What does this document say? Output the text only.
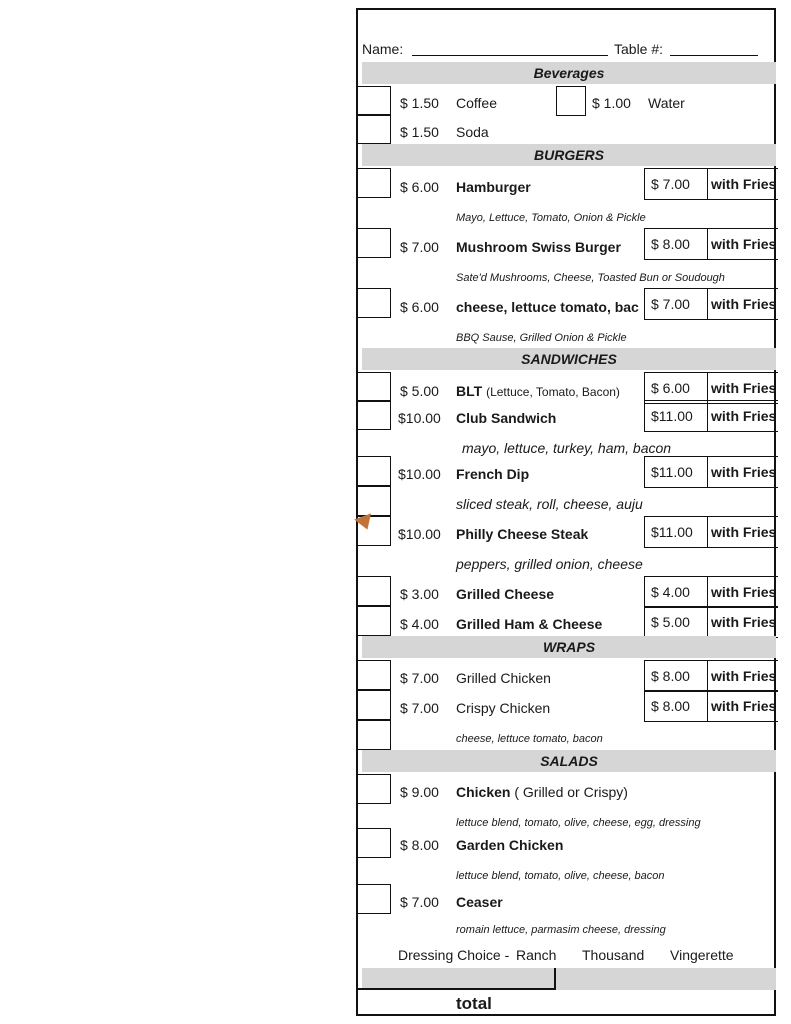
Name:	Table #:
Beverages
$ 1.50 Coffee	$ 1.00 Water
$ 1.50 Soda
BURGERS
$ 6.00 Hamburger	$ 7.00 with Fries
Mayo, Lettuce, Tomato, Onion & Pickle
$ 7.00 Mushroom Swiss Burger $ 8.00 with Fries
Sate'd Mushrooms, Cheese, Toasted Bun or Soudough
$ 6.00 cheese, lettuce tomato, bac $ 7.00 with Fries
BBQ Sause, Grilled Onion & Pickle
SANDWICHES
$ 5.00 BLT (Lettuce, Tomato, Bacon) $ 6.00 with Fries
$10.00 Club Sandwich	$11.00 with Fries
mayo, lettuce, turkey, ham, bacon
$10.00 French Dip	$11.00 with Fries
sliced steak, roll, cheese, auju
$10.00 Philly Cheese Steak	$11.00 with Fries
peppers, grilled onion, cheese
$ 3.00 Grilled Cheese	$ 4.00 with Fries
$ 4.00 Grilled Ham & Cheese	$ 5.00 with Fries
WRAPS
$ 7.00 Grilled Chicken	$ 8.00 with Fries
$ 7.00 Crispy Chicken	$ 8.00 with Fries
cheese, lettuce tomato, bacon
SALADS
$ 9.00 Chicken ( Grilled or Crispy)
lettuce blend, tomato, olive, cheese, egg, dressing
$ 8.00 Garden Chicken
lettuce blend, tomato, olive, cheese, bacon
$ 7.00 Ceaser
romain lettuce, parmasim cheese, dressing
Dressing Choice - Ranch Thousand Vingerette
total
